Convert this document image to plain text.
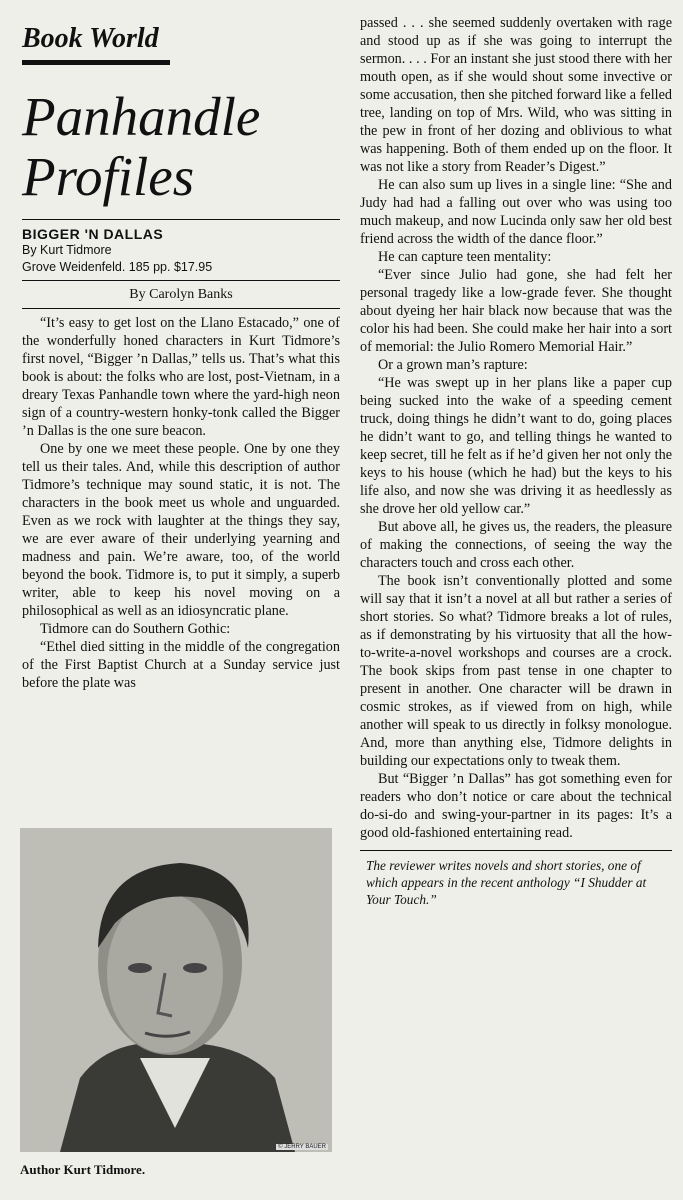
Book World
Panhandle
Profiles
BIGGER 'N DALLAS
By Kurt Tidmore
Grove Weidenfeld. 185 pp. $17.95
By Carolyn Banks

“It’s easy to get lost on the Llano Estacado,” one of the wonderfully honed characters in Kurt Tidmore’s first novel, “Bigger ’n Dallas,” tells us. That’s what this book is about: the folks who are lost, post-Vietnam, in a dreary Texas Panhandle town where the yard-high neon sign of a country-western honky-tonk called the Bigger ’n Dallas is the one sure beacon.

One by one we meet these people. One by one they tell us their tales. And, while this description of author Tidmore’s technique may sound static, it is not. The characters in the book meet us whole and unguarded. Even as we rock with laughter at the things they say, we are ever aware of their underlying yearning and madness and pain. We’re aware, too, of the world beyond the book. Tidmore is, to put it simply, a superb writer, able to keep his novel moving on a philosophical as well as an idiosyncratic plane.

Tidmore can do Southern Gothic:

“Ethel died sitting in the middle of the congregation of the First Baptist Church at a Sunday service just before the plate was

© JERRY BAUER
Author Kurt Tidmore.

passed . . . she seemed suddenly overtaken with rage and stood up as if she was going to interrupt the sermon. . . . For an instant she just stood there with her mouth open, as if she would shout some invective or some accusation, then she pitched forward like a felled tree, landing on top of Mrs. Wild, who was sitting in the pew in front of her dozing and oblivious to what was happening. Both of them ended up on the floor. It was not like a story from Reader’s Digest.”

He can also sum up lives in a single line: “She and Judy had had a falling out over who was using too much makeup, and now Lucinda only saw her old best friend across the width of the dance floor.”

He can capture teen mentality:

“Ever since Julio had gone, she had felt her personal tragedy like a low-grade fever. She thought about dyeing her hair black now because that was the color his had been. She could make her hair into a sort of memorial: the Julio Romero Memorial Hair.”

Or a grown man’s rapture:

“He was swept up in her plans like a paper cup being sucked into the wake of a speeding cement truck, doing things he didn’t want to do, going places he didn’t want to go, and telling things he wanted to keep secret, till he felt as if he’d given her not only the keys to his house (which he had) but the keys to his life also, and now she was driving it as heedlessly as she drove her old yellow car.”

But above all, he gives us, the readers, the pleasure of making the connections, of seeing the way the characters touch and cross each other.

The book isn’t conventionally plotted and some will say that it isn’t a novel at all but rather a series of short stories. So what? Tidmore breaks a lot of rules, as if demonstrating by his virtuosity that all the how-to-write-a-novel workshops and courses are a crock. The book skips from past tense in one chapter to present in another. One character will be drawn in cosmic strokes, as if viewed from on high, while another will speak to us directly in folksy monologue. And, more than anything else, Tidmore delights in building our expectations only to tweak them.

But “Bigger ’n Dallas” has got something even for readers who don’t notice or care about the technical do-si-do and swing-your-partner in its pages: It’s a good old-fashioned entertaining read.

The reviewer writes novels and short stories, one of which appears in the recent anthology “I Shudder at Your Touch.”
